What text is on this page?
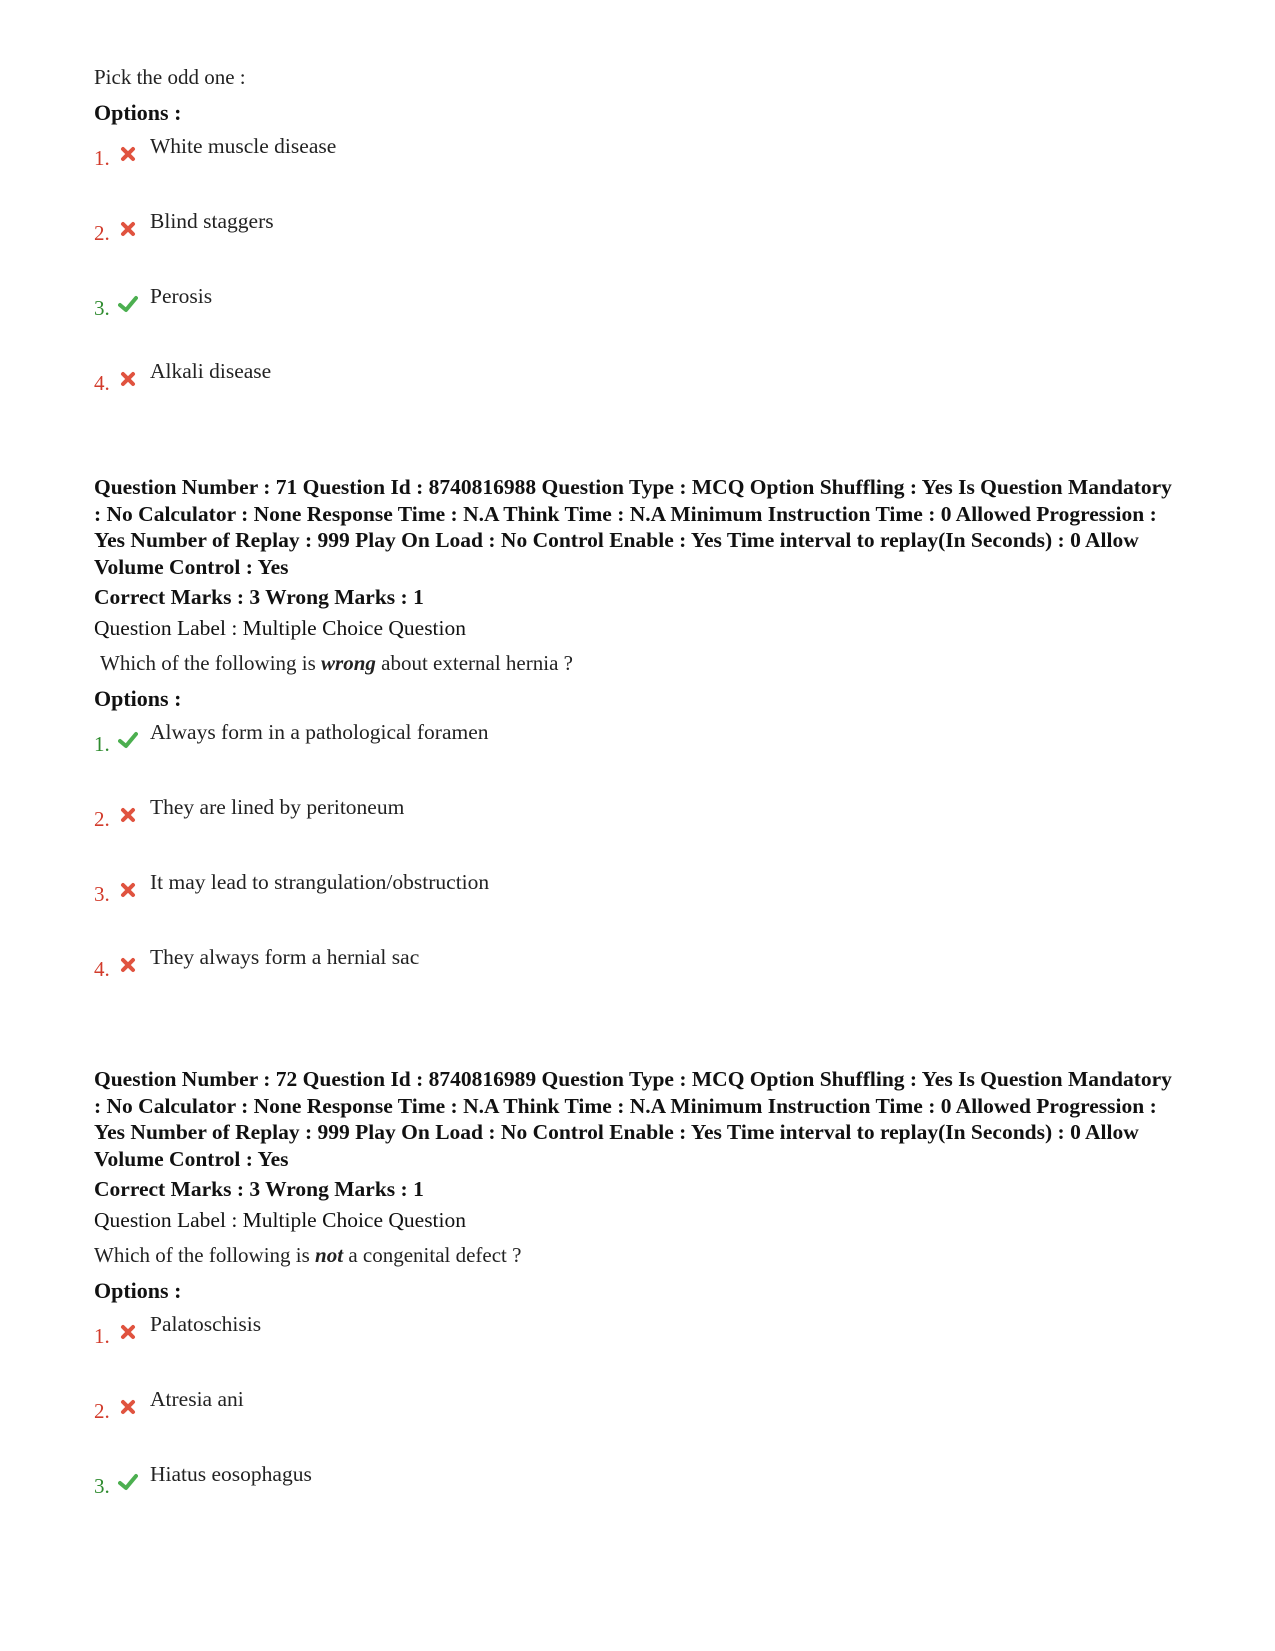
Pick the odd one :

Options :

1. White muscle disease
2. Blind staggers
3. Perosis
4. Alkali disease

Question Number : 71 Question Id : 8740816988 Question Type : MCQ Option Shuffling : Yes Is Question Mandatory : No Calculator : None Response Time : N.A Think Time : N.A Minimum Instruction Time : 0 Allowed Progression : Yes Number of Replay : 999 Play On Load : No Control Enable : Yes Time interval to replay(In Seconds) : 0 Allow Volume Control : Yes

Correct Marks : 3 Wrong Marks : 1

Question Label : Multiple Choice Question

Which of the following is wrong about external hernia ?

Options :

1. Always form in a pathological foramen
2. They are lined by peritoneum
3. It may lead to strangulation/obstruction
4. They always form a hernial sac

Question Number : 72 Question Id : 8740816989 Question Type : MCQ Option Shuffling : Yes Is Question Mandatory : No Calculator : None Response Time : N.A Think Time : N.A Minimum Instruction Time : 0 Allowed Progression : Yes Number of Replay : 999 Play On Load : No Control Enable : Yes Time interval to replay(In Seconds) : 0 Allow Volume Control : Yes

Correct Marks : 3 Wrong Marks : 1

Question Label : Multiple Choice Question

Which of the following is not a congenital defect ?

Options :

1. Palatoschisis
2. Atresia ani
3. Hiatus eosophagus
